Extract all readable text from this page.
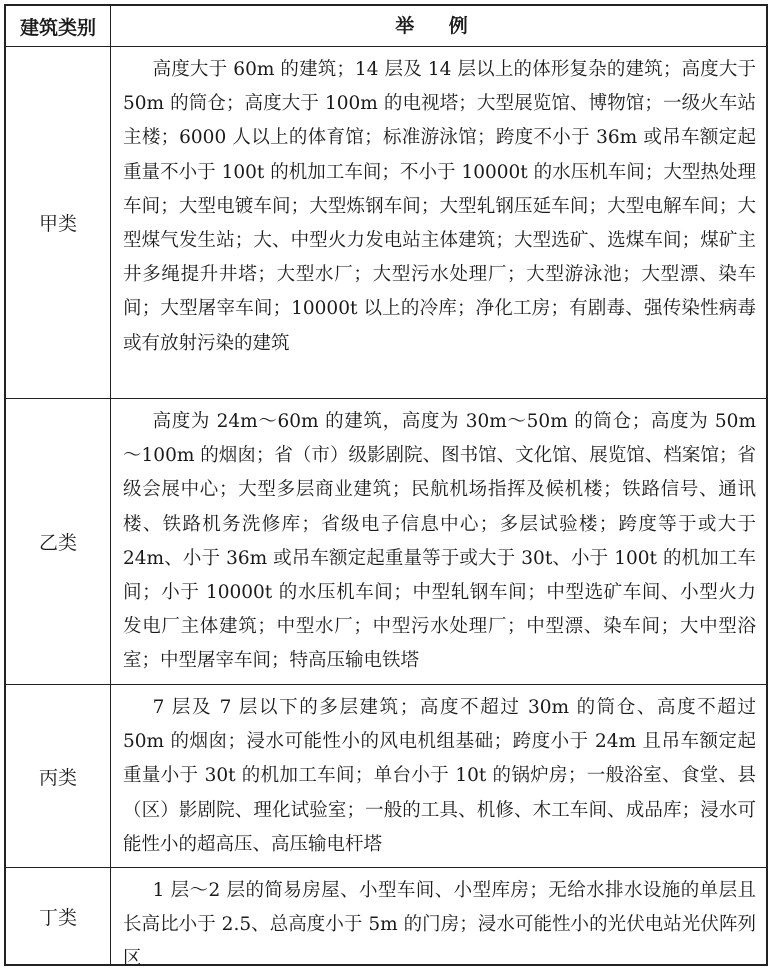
建筑类别	举 例
甲类
高度大于 60m 的建筑；14 层及 14 层以上的体形复杂的建筑；高度大于 50m 的筒仓；高度大于 100m 的电视塔；大型展览馆、博物馆；一级火车站主楼；6000 人以上的体育馆；标准游泳馆；跨度不小于 36m 或吊车额定起重量不小于 100t 的机加工车间；不小于 10000t 的水压机车间；大型热处理车间；大型电镀车间；大型炼钢车间；大型轧钢压延车间；大型电解车间；大型煤气发生站；大、中型火力发电站主体建筑；大型选矿、选煤车间；煤矿主井多绳提升井塔；大型水厂；大型污水处理厂；大型游泳池；大型漂、染车间；大型屠宰车间；10000t 以上的冷库；净化工房；有剧毒、强传染性病毒或有放射污染的建筑
乙类
高度为 24m～60m 的建筑，高度为 30m～50m 的筒仓；高度为 50m～100m 的烟囱；省（市）级影剧院、图书馆、文化馆、展览馆、档案馆；省级会展中心；大型多层商业建筑；民航机场指挥及候机楼；铁路信号、通讯楼、铁路机务洗修库；省级电子信息中心；多层试验楼；跨度等于或大于 24m、小于 36m 或吊车额定起重量等于或大于 30t、小于 100t 的机加工车间；小于 10000t 的水压机车间；中型轧钢车间；中型选矿车间、小型火力发电厂主体建筑；中型水厂；中型污水处理厂；中型漂、染车间；大中型浴室；中型屠宰车间；特高压输电铁塔
丙类
7 层及 7 层以下的多层建筑；高度不超过 30m 的筒仓、高度不超过 50m 的烟囱；浸水可能性小的风电机组基础；跨度小于 24m 且吊车额定起重量小于 30t 的机加工车间；单台小于 10t 的锅炉房；一般浴室、食堂、县（区）影剧院、理化试验室；一般的工具、机修、木工车间、成品库；浸水可能性小的超高压、高压输电杆塔
丁类
1 层～2 层的简易房屋、小型车间、小型库房；无给水排水设施的单层且长高比小于 2.5、总高度小于 5m 的门房；浸水可能性小的光伏电站光伏阵列区
